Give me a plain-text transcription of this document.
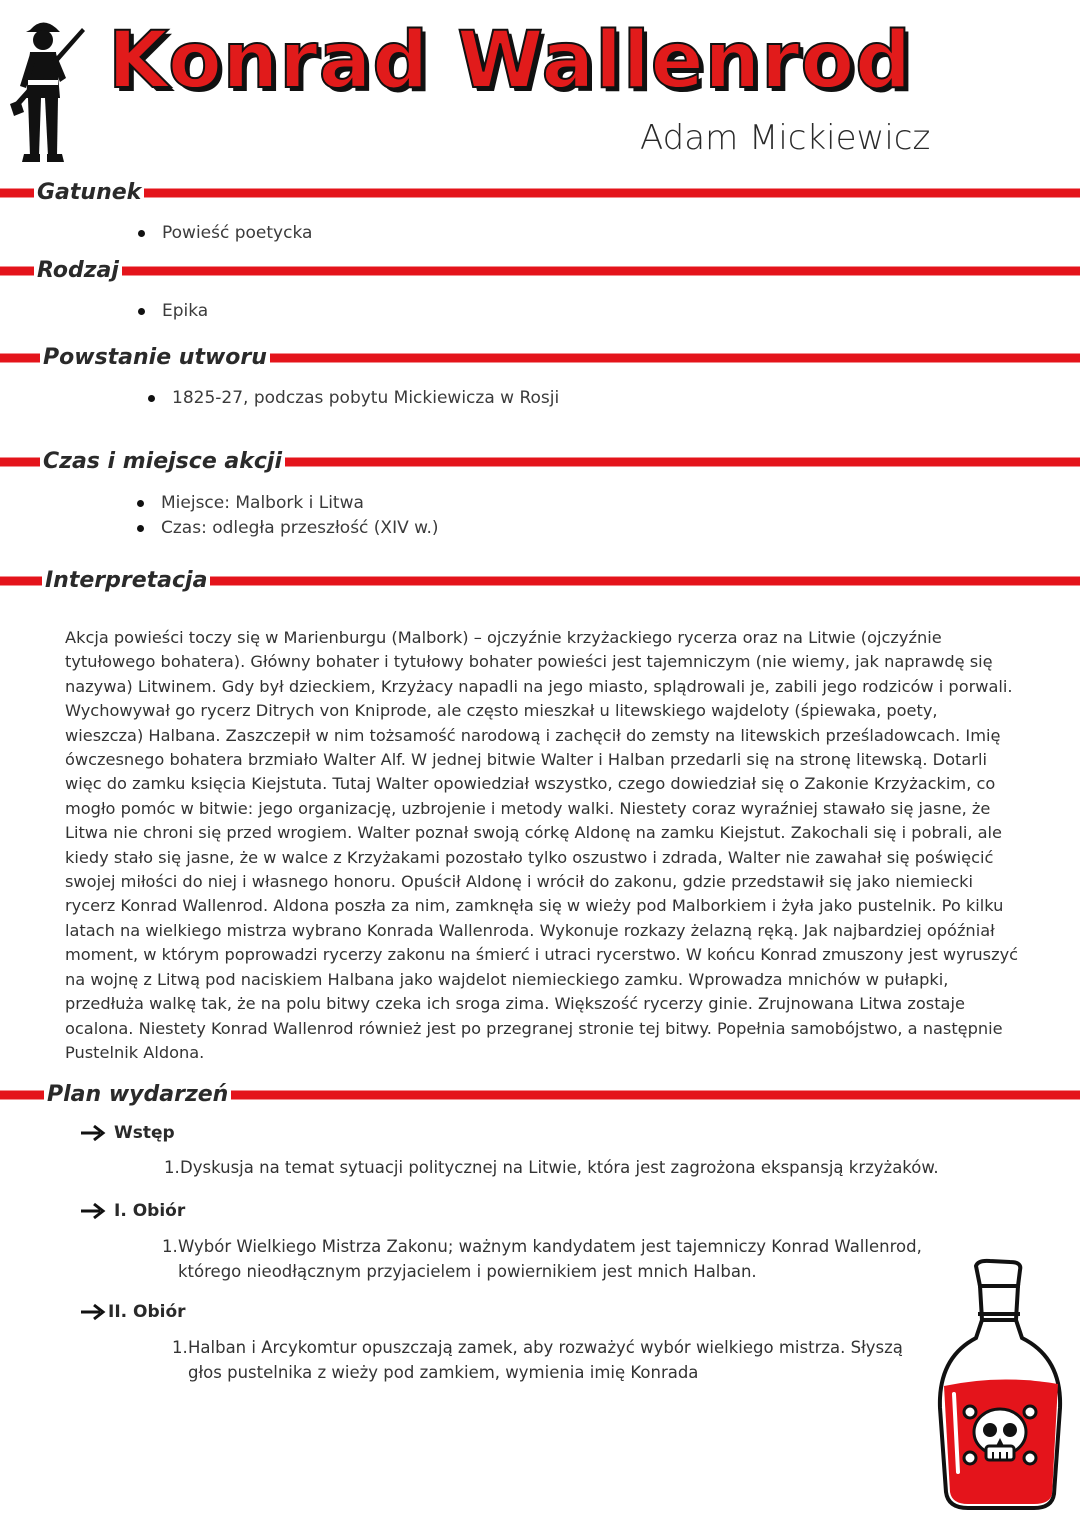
Konrad Wallenrod
Adam Mickiewicz
Gatunek
Powieść poetycka
Rodzaj
Epika
Powstanie utworu
1825-27, podczas pobytu Mickiewicza w Rosji
Czas i miejsce akcji
Miejsce: Malbork i Litwa
Czas: odległa przeszłość (XIV w.)
Interpretacja

Akcja powieści toczy się w Marienburgu (Malbork) – ojczyźnie krzyżackiego rycerza oraz na Litwie (ojczyźnie tytułowego bohatera). Główny bohater i tytułowy bohater powieści jest tajemniczym (nie wiemy, jak naprawdę się nazywa) Litwinem. Gdy był dzieckiem, Krzyżacy napadli na jego miasto, splądrowali je, zabili jego rodziców i porwali. Wychowywał go rycerz Ditrych von Kniprode, ale często mieszkał u litewskiego wajdeloty (śpiewaka, poety, wieszcza) Halbana. Zaszczepił w nim tożsamość narodową i zachęcił do zemsty na litewskich prześladowcach. Imię ówczesnego bohatera brzmiało Walter Alf. W jednej bitwie Walter i Halban przedarli się na stronę litewską. Dotarli więc do zamku księcia Kiejstuta. Tutaj Walter opowiedział wszystko, czego dowiedział się o Zakonie Krzyżackim, co mogło pomóc w bitwie: jego organizację, uzbrojenie i metody walki. Niestety coraz wyraźniej stawało się jasne, że Litwa nie chroni się przed wrogiem. Walter poznał swoją córkę Aldonę na zamku Kiejstut. Zakochali się i pobrali, ale kiedy stało się jasne, że w walce z Krzyżakami pozostało tylko oszustwo i zdrada, Walter nie zawahał się poświęcić swojej miłości do niej i własnego honoru. Opuścił Aldonę i wrócił do zakonu, gdzie przedstawił się jako niemiecki rycerz Konrad Wallenrod. Aldona poszła za nim, zamknęła się w wieży pod Malborkiem i żyła jako pustelnik. Po kilku latach na wielkiego mistrza wybrano Konrada Wallenroda. Wykonuje rozkazy żelazną ręką. Jak najbardziej opóźniał moment, w którym poprowadzi rycerzy zakonu na śmierć i utraci rycerstwo. W końcu Konrad zmuszony jest wyruszyć na wojnę z Litwą pod naciskiem Halbana jako wajdelot niemieckiego zamku. Wprowadza mnichów w pułapki, przedłuża walkę tak, że na polu bitwy czeka ich sroga zima. Większość rycerzy ginie. Zrujnowana Litwa zostaje ocalona. Niestety Konrad Wallenrod również jest po przegranej stronie tej bitwy. Popełnia samobójstwo, a następnie Pustelnik Aldona.

Plan wydarzeń
Wstęp
1. Dyskusja na temat sytuacji politycznej na Litwie, która jest zagrożona ekspansją krzyżaków.
I. Obiór
1. Wybór Wielkiego Mistrza Zakonu; ważnym kandydatem jest tajemniczy Konrad Wallenrod, którego nieodłącznym przyjacielem i powiernikiem jest mnich Halban.
II. Obiór
1. Halban i Arcykomtur opuszczają zamek, aby rozważyć wybór wielkiego mistrza. Słyszą głos pustelnika z wieży pod zamkiem, wymienia imię Konrada
